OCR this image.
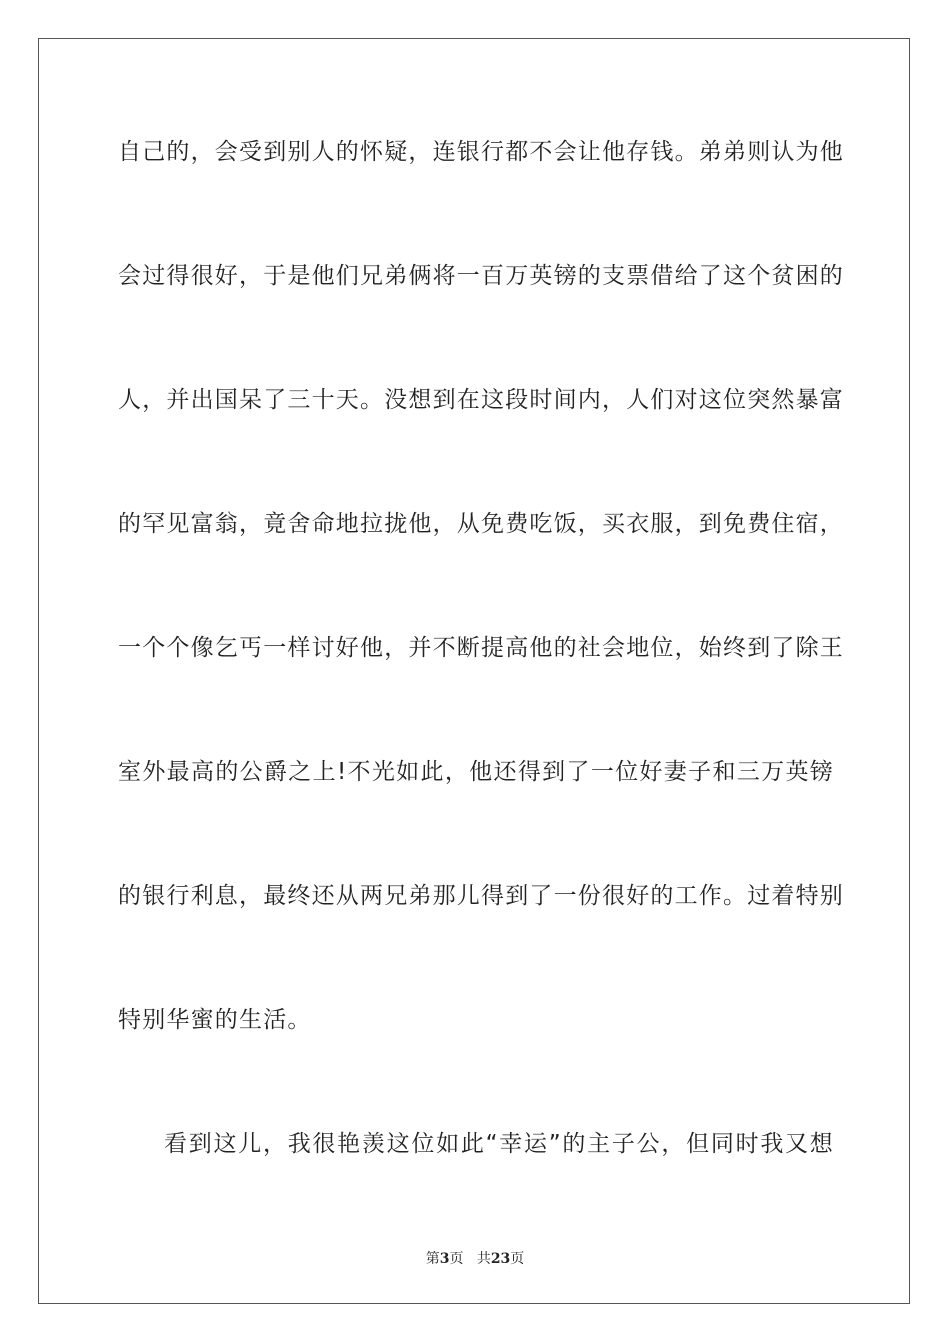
自己的，会受到别人的怀疑，连银行都不会让他存钱。弟弟则认为他
会过得很好，于是他们兄弟俩将一百万英镑的支票借给了这个贫困的
人，并出国呆了三十天。没想到在这段时间内，人们对这位突然暴富
的罕见富翁，竟舍命地拉拢他，从免费吃饭，买衣服，到免费住宿，
一个个像乞丐一样讨好他，并不断提高他的社会地位，始终到了除王
室外最高的公爵之上!不光如此，他还得到了一位好妻子和三万英镑
的银行利息，最终还从两兄弟那儿得到了一份很好的工作。过着特别
特别华蜜的生活。
看到这儿，我很艳羡这位如此“幸运”的主子公，但同时我又想
第3页 共23页
